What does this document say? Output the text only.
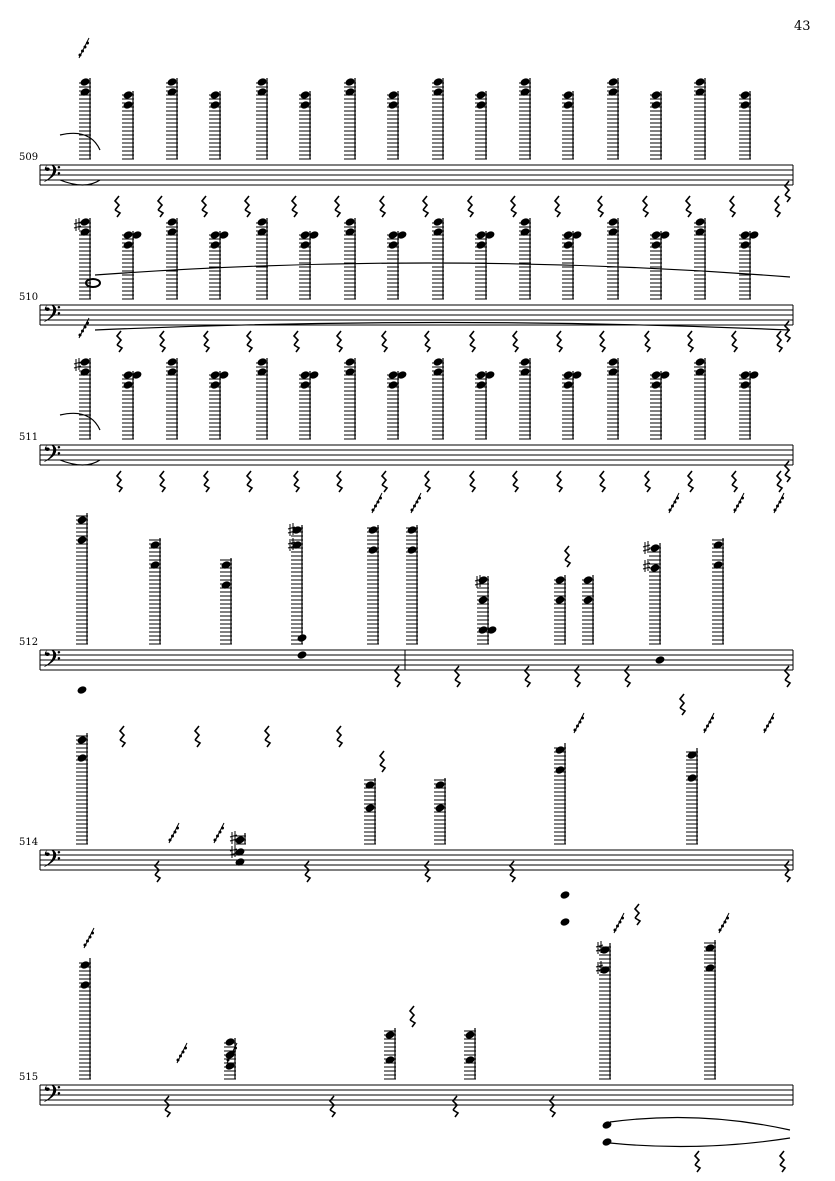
43
𝄢
509
𝄢
510
𝄢
511
𝄢
512
𝄢
514
𝄢
515
